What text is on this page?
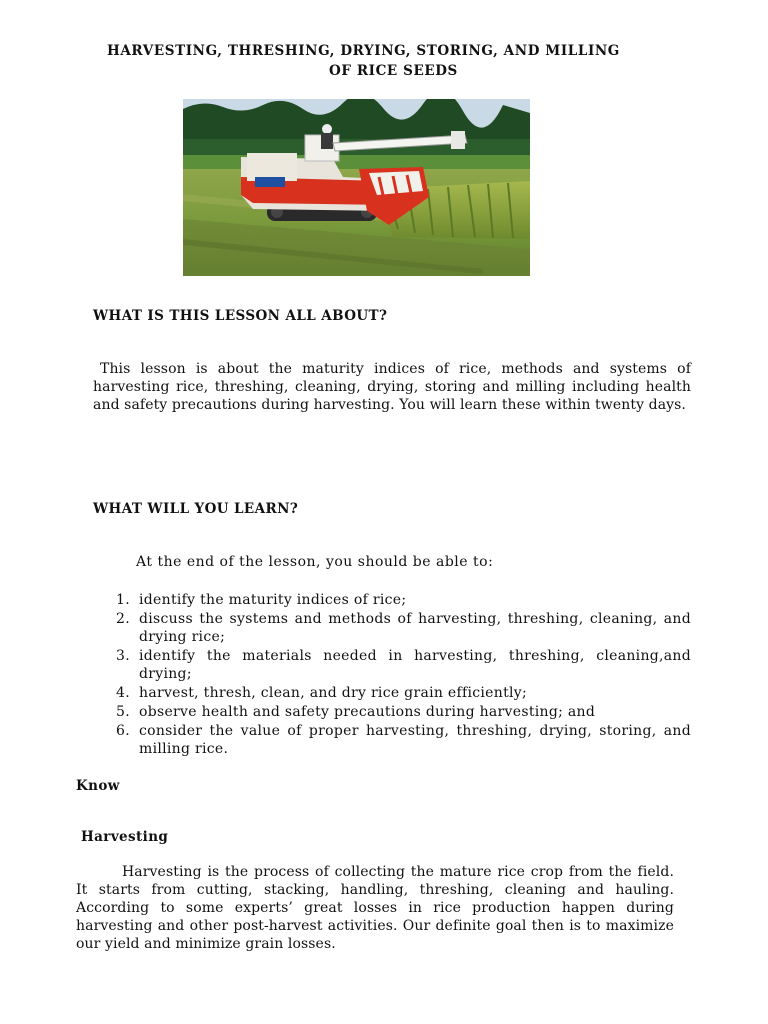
HARVESTING, THRESHING, DRYING, STORING, AND MILLING
OF RICE SEEDS
WHAT IS THIS LESSON ALL ABOUT?
This lesson is about the maturity indices of rice, methods and systems of harvesting rice, threshing, cleaning, drying, storing and milling including health and safety precautions during harvesting. You will learn these within twenty days.
WHAT WILL YOU LEARN?
At the end of the lesson, you should be able to:
1. identify the maturity indices of rice;
2. discuss the systems and methods of harvesting, threshing, cleaning, and drying rice;
3. identify the materials needed in harvesting, threshing, cleaning,and drying;
4. harvest, thresh, clean, and dry rice grain efficiently;
5. observe health and safety precautions during harvesting; and
6. consider the value of proper harvesting, threshing, drying, storing, and milling rice.
Know
Harvesting
Harvesting is the process of collecting the mature rice crop from the field. It starts from cutting, stacking, handling, threshing, cleaning and hauling. According to some experts’ great losses in rice production happen during harvesting and other post-harvest activities. Our definite goal then is to maximize our yield and minimize grain losses.
